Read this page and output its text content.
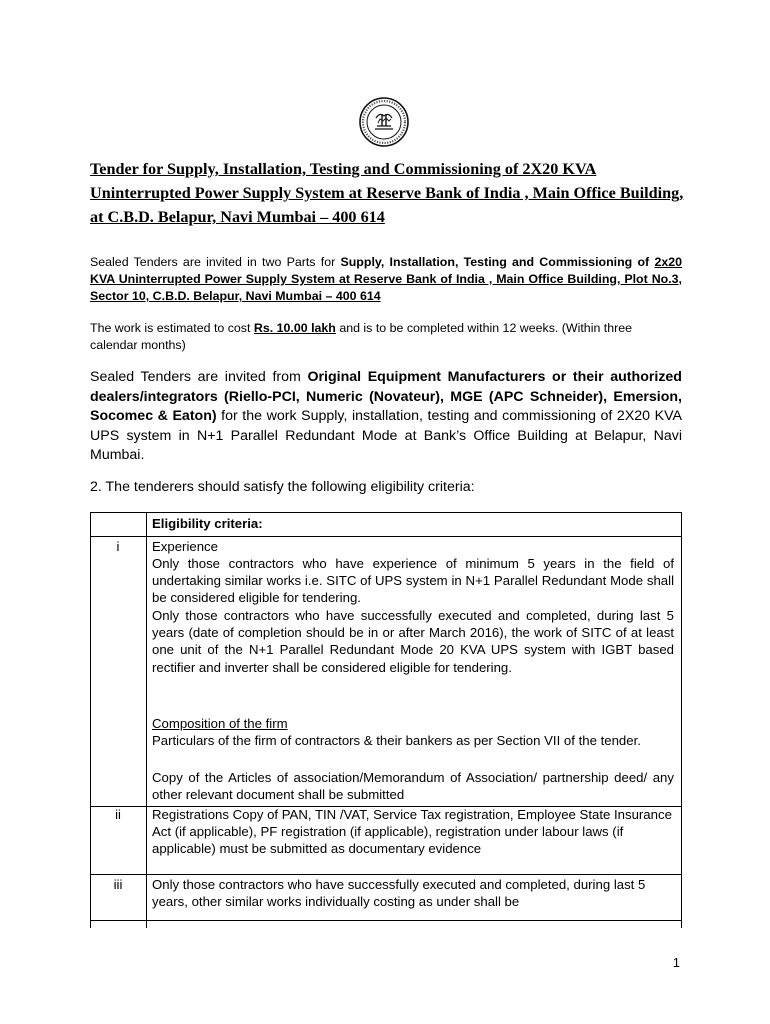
Tender for Supply, Installation, Testing and Commissioning of 2X20 KVA Uninterrupted Power Supply System at Reserve Bank of India , Main Office Building, at C.B.D. Belapur, Navi Mumbai – 400 614

Sealed Tenders are invited in two Parts for Supply, Installation, Testing and Commissioning of 2x20 KVA Uninterrupted Power Supply System at Reserve Bank of India , Main Office Building, Plot No.3, Sector 10, C.B.D. Belapur, Navi Mumbai – 400 614

The work is estimated to cost Rs. 10.00 lakh and is to be completed within 12 weeks. (Within three calendar months)

Sealed Tenders are invited from Original Equipment Manufacturers or their authorized dealers/integrators (Riello-PCI, Numeric (Novateur), MGE (APC Schneider), Emersion, Socomec & Eaton) for the work Supply, installation, testing and commissioning of 2X20 KVA UPS system in N+1 Parallel Redundant Mode at Bank’s Office Building at Belapur, Navi Mumbai.

2. The tenderers should satisfy the following eligibility criteria:

Eligibility criteria:

i	Experience

Only those contractors who have experience of minimum 5 years in the field of undertaking similar works i.e. SITC of UPS system in N+1 Parallel Redundant Mode shall be considered eligible for tendering.

Only those contractors who have successfully executed and completed, during last 5 years (date of completion should be in or after March 2016), the work of SITC of at least one unit of the N+1 Parallel Redundant Mode 20 KVA UPS system with IGBT based rectifier and inverter shall be considered eligible for tendering.

Composition of the firm

Particulars of the firm of contractors & their bankers as per Section VII of the tender.

Copy of the Articles of association/Memorandum of Association/ partnership deed/ any other relevant document shall be submitted

ii	Registrations Copy of PAN, TIN /VAT, Service Tax registration, Employee State Insurance Act (if applicable), PF registration (if applicable), registration under labour laws (if applicable) must be submitted as documentary evidence

iii	Only those contractors who have successfully executed and completed, during last 5 years, other similar works individually costing as under shall be

1
